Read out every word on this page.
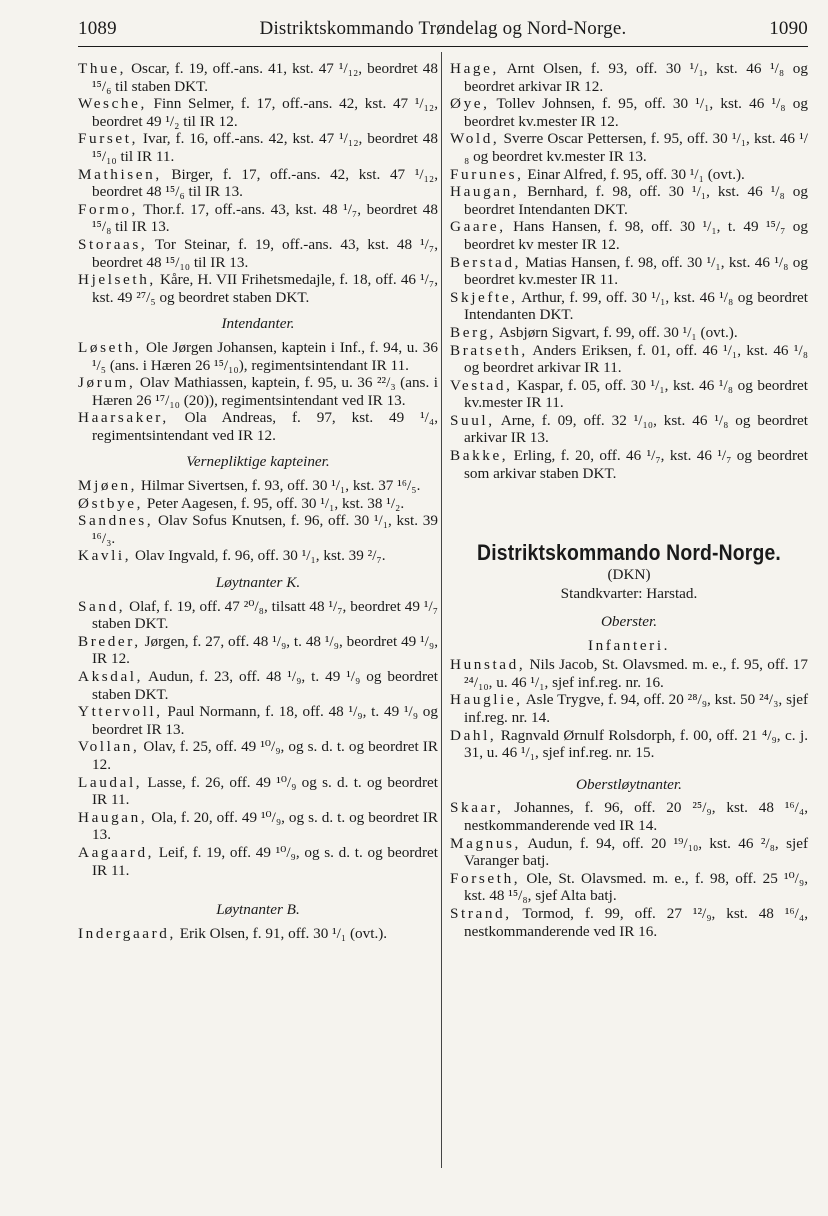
1089	Distriktskommando Trøndelag og Nord-Norge.	1090

Thue, Oscar, f. 19, off.-ans. 41, kst. 47 ¹/₁₂, beordret 48 ¹⁵/₆ til staben DKT.

Wesche, Finn Selmer, f. 17, off.-ans. 42, kst. 47 ¹/₁₂, beordret 49 ¹/₂ til IR 12.

Furset, Ivar, f. 16, off.-ans. 42, kst. 47 ¹/₁₂, beordret 48 ¹⁵/₁₀ til IR 11.

Mathisen, Birger, f. 17, off.-ans. 42, kst. 47 ¹/₁₂, beordret 48 ¹⁵/₆ til IR 13.

Formo, Thor.f. 17, off.-ans. 43, kst. 48 ¹/₇, beordret 48 ¹⁵/₈ til IR 13.

Storaas, Tor Steinar, f. 19, off.-ans. 43, kst. 48 ¹/₇, beordret 48 ¹⁵/₁₀ til IR 13.

Hjelseth, Kåre, H. VII Frihetsmedajle, f. 18, off. 46 ¹/₇, kst. 49 ²⁷/₅ og beordret staben DKT.

Intendanter.

Løseth, Ole Jørgen Johansen, kaptein i Inf., f. 94, u. 36 ¹/₅ (ans. i Hæren 26 ¹⁵/₁₀), regimentsintendant IR 11.

Jørum, Olav Mathiassen, kaptein, f. 95, u. 36 ²²/₃ (ans. i Hæren 26 ¹⁷/₁₀ (20)), regimentsintendant ved IR 13.

Haarsaker, Ola Andreas, f. 97, kst. 49 ¹/₄, regimentsintendant ved IR 12.

Vernepliktige kapteiner.

Mjøen, Hilmar Sivertsen, f. 93, off. 30 ¹/₁, kst. 37 ¹⁶/₅.

Østbye, Peter Aagesen, f. 95, off. 30 ¹/₁, kst. 38 ¹/₂.

Sandnes, Olav Sofus Knutsen, f. 96, off. 30 ¹/₁, kst. 39 ¹⁶/₃.

Kavli, Olav Ingvald, f. 96, off. 30 ¹/₁, kst. 39 ²/₇.

Løytnanter K.

Sand, Olaf, f. 19, off. 47 ²⁰/₈, tilsatt 48 ¹/₇, beordret 49 ¹/₇ staben DKT.

Breder, Jørgen, f. 27, off. 48 ¹/₉, t. 48 ¹/₉, beordret 49 ¹/₉, IR 12.

Aksdal, Audun, f. 23, off. 48 ¹/₉, t. 49 ¹/₉ og beordret staben DKT.

Yttervoll, Paul Normann, f. 18, off. 48 ¹/₉, t. 49 ¹/₉ og beordret IR 13.

Vollan, Olav, f. 25, off. 49 ¹⁰/₉, og s. d. t. og beordret IR 12.

Laudal, Lasse, f. 26, off. 49 ¹⁰/₉ og s. d. t. og beordret IR 11.

Haugan, Ola, f. 20, off. 49 ¹⁰/₉, og s. d. t. og beordret IR 13.

Aagaard, Leif, f. 19, off. 49 ¹⁰/₉, og s. d. t. og beordret IR 11.

Løytnanter B.

Indergaard, Erik Olsen, f. 91, off. 30 ¹/₁ (ovt.).

Hage, Arnt Olsen, f. 93, off. 30 ¹/₁, kst. 46 ¹/₈ og beordret arkivar IR 12.

Øye, Tollev Johnsen, f. 95, off. 30 ¹/₁, kst. 46 ¹/₈ og beordret kv.mester IR 12.

Wold, Sverre Oscar Pettersen, f. 95, off. 30 ¹/₁, kst. 46 ¹/₈ og beordret kv.mester IR 13.

Furunes, Einar Alfred, f. 95, off. 30 ¹/₁ (ovt.).

Haugan, Bernhard, f. 98, off. 30 ¹/₁, kst. 46 ¹/₈ og beordret Intendanten DKT.

Gaare, Hans Hansen, f. 98, off. 30 ¹/₁, t. 49 ¹⁵/₇ og beordret kv mester IR 12.

Berstad, Matias Hansen, f. 98, off. 30 ¹/₁, kst. 46 ¹/₈ og beordret kv.mester IR 11.

Skjefte, Arthur, f. 99, off. 30 ¹/₁, kst. 46 ¹/₈ og beordret Intendanten DKT.

Berg, Asbjørn Sigvart, f. 99, off. 30 ¹/₁ (ovt.).

Bratseth, Anders Eriksen, f. 01, off. 46 ¹/₁, kst. 46 ¹/₈ og beordret arkivar IR 11.

Vestad, Kaspar, f. 05, off. 30 ¹/₁, kst. 46 ¹/₈ og beordret kv.mester IR 11.

Suul, Arne, f. 09, off. 32 ¹/₁₀, kst. 46 ¹/₈ og beordret arkivar IR 13.

Bakke, Erling, f. 20, off. 46 ¹/₇, kst. 46 ¹/₇ og beordret som arkivar staben DKT.

Distriktskommando Nord-Norge.
(DKN)
Standkvarter: Harstad.
Oberster.
Infanteri.

Hunstad, Nils Jacob, St. Olavsmed. m. e., f. 95, off. 17 ²⁴/₁₀, u. 46 ¹/₁, sjef inf.reg. nr. 16.

Hauglie, Asle Trygve, f. 94, off. 20 ²⁸/₉, kst. 50 ²⁴/₃, sjef inf.reg. nr. 14.

Dahl, Ragnvald Ørnulf Rolsdorph, f. 00, off. 21 ⁴/₉, c. j. 31, u. 46 ¹/₁, sjef inf.reg. nr. 15.

Oberstløytnanter.

Skaar, Johannes, f. 96, off. 20 ²⁵/₉, kst. 48 ¹⁶/₄, nestkommanderende ved IR 14.

Magnus, Audun, f. 94, off. 20 ¹⁹/₁₀, kst. 46 ²/₈, sjef Varanger batj.

Forseth, Ole, St. Olavsmed. m. e., f. 98, off. 25 ¹⁰/₉, kst. 48 ¹⁵/₈, sjef Alta batj.

Strand, Tormod, f. 99, off. 27 ¹²/₉, kst. 48 ¹⁶/₄, nestkommanderende ved IR 16.
